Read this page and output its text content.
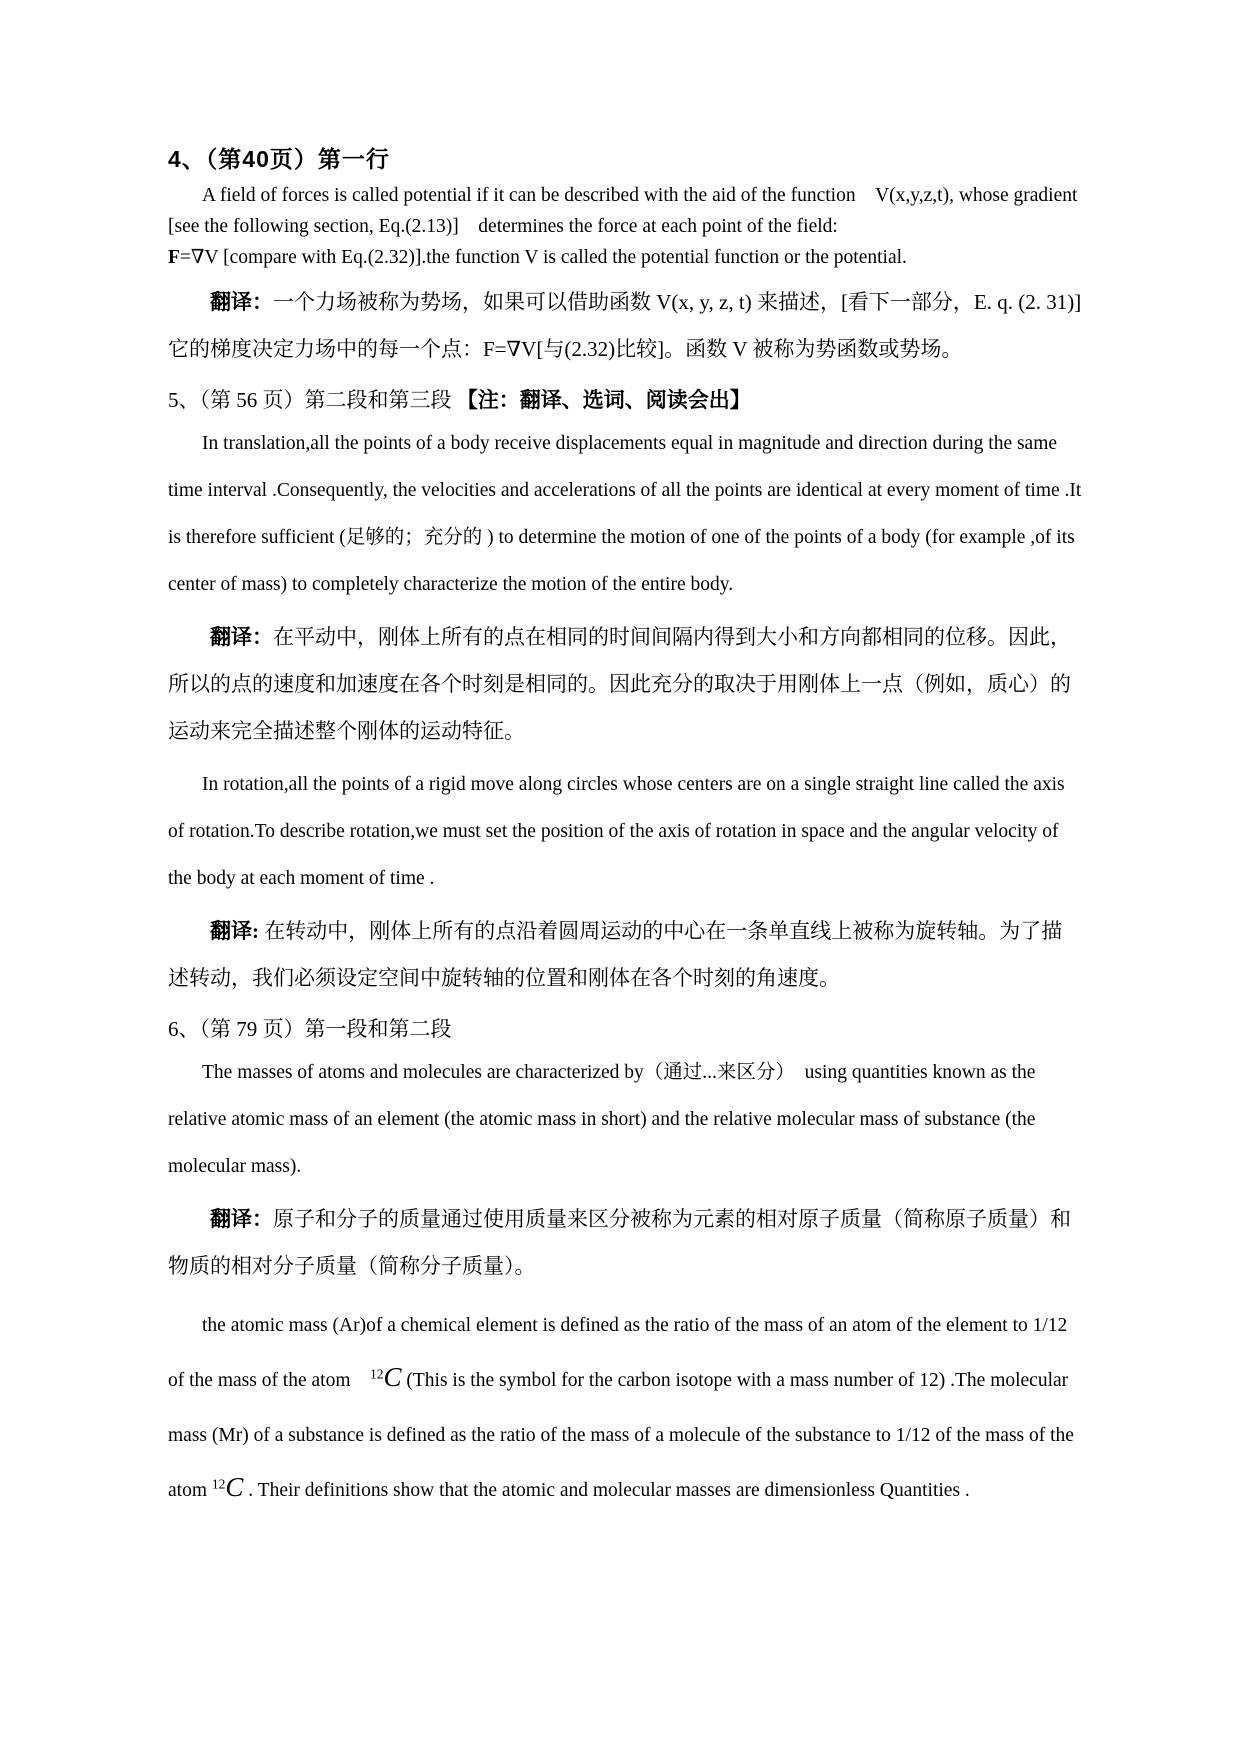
4、（第40页）第一行

A field of forces is called potential if it can be described with the aid of the function　V(x,y,z,t), whose gradient [see the following section, Eq.(2.13)]　determines the force at each point of the field:

F=∇V [compare with Eq.(2.32)].the function V is called the potential function or the potential.

翻译：一个力场被称为势场，如果可以借助函数 V(x, y, z, t) 来描述，[看下一部分，E. q. (2. 31)]它的梯度决定力场中的每一个点：F=∇V[与(2.32)比较]。函数 V 被称为势函数或势场。

5、（第 56 页）第二段和第三段 【注：翻译、选词、阅读会出】

In translation,all the points of a body receive displacements equal in magnitude and direction during the same time interval .Consequently, the velocities and accelerations of all the points are identical at every moment of time .It is therefore sufficient (足够的；充分的 ) to determine the motion of one of the points of a body (for example ,of its center of mass) to completely characterize the motion of the entire body.

翻译：在平动中，刚体上所有的点在相同的时间间隔内得到大小和方向都相同的位移。因此，所以的点的速度和加速度在各个时刻是相同的。因此充分的取决于用刚体上一点（例如，质心）的运动来完全描述整个刚体的运动特征。

In rotation,all the points of a rigid move along circles whose centers are on a single straight line called the axis of rotation.To describe rotation,we must set the position of the axis of rotation in space and the angular velocity of the body at each moment of time .

翻译: 在转动中，刚体上所有的点沿着圆周运动的中心在一条单直线上被称为旋转轴。为了描述转动，我们必须设定空间中旋转轴的位置和刚体在各个时刻的角速度。

6、（第 79 页）第一段和第二段

The masses of atoms and molecules are characterized by（通过...来区分）　using quantities known as the relative atomic mass of an element (the atomic mass in short) and the relative molecular mass of substance (the molecular mass).

翻译：原子和分子的质量通过使用质量来区分被称为元素的相对原子质量（简称原子质量）和物质的相对分子质量（简称分子质量）。

the atomic mass (Ar)of a chemical element is defined as the ratio of the mass of an atom of the element to 1/12 of the mass of the atom　$^{12}$C (This is the symbol for the carbon isotope with a mass number of 12) .The molecular mass (Mr) of a substance is defined as the ratio of the mass of a molecule of the substance to 1/12 of the mass of the atom $^{12}$C . Their definitions show that the atomic and molecular masses are dimensionless Quantities .
